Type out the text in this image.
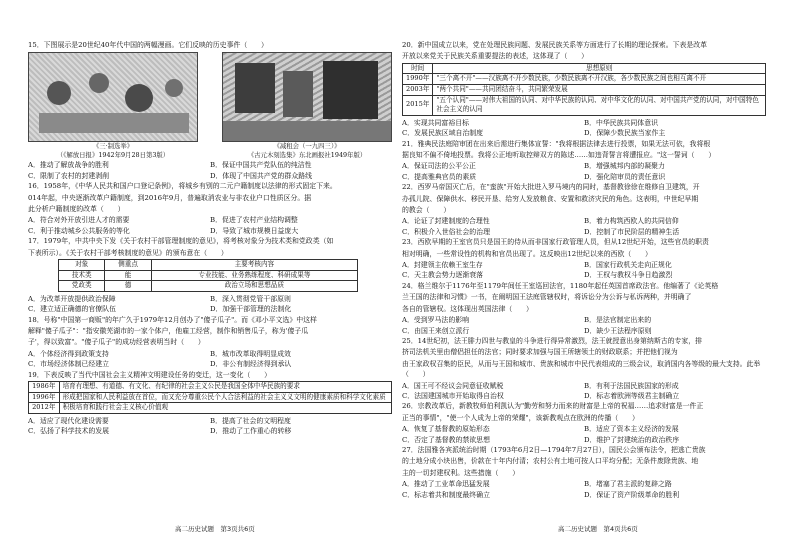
15．下图展示是20世纪40年代中国的两幅漫画。它们反映的历史事件（　　）
《三·制选举》
（《解放日报》1942年9月28日第3版）
《减租会（一九四三）》
《古元木刻选集》东北画报社1949年版）
A．推动了解放战争的胜利	B．保证中国共产党队伍的纯洁性
C．限制了农村的封建剥削	D．体现了中国共产党的群众路线
16．1958年，《中华人民共和国户口登记条例》，将城乡有别的二元户籍制度以法律的形式固定下来。
014年起，中央逐渐改革户籍制度，到2016年9月，普遍取消农业与非农业户口性质区分。据
此分析户籍制度的改革（　　）
A．符合对外开放引进人才的需要	B．促进了农村产业结构调整
C．利于推动城乡公共服务的等化	D．导致了城市规模日益庞大
17．1979年，中共中央下发《关于农村干部管理制度的意见》，将考核对象分为技术类和党政类（如
下表所示）。《关于农村干部考核制度的意见》的颁布意在（　　）
对象	侧重点	主要考核内容
技术类	能	专业技能、业务熟练程度、科研成果等
党政类	德	政治立场和思想品质
A．为改革开放提供政治保障	B．深入贯彻党管干部原则
C．建立适正确德的官僚队伍	D．加强干部管理的法制化
18．号称"中国第一商贩"的年广久于1979年12月创办了"傻子瓜子"。而《邓小平文选》中这样
解释"傻子瓜子"："指安徽芜湖市的一家个体户，他雇工经营，制作和销售瓜子，称为'傻子瓜
子'，得以致富"。"傻子瓜子"的成功经营表明当时（　　）
A．个体经济得到政策支持	B．城市改革取得明显成效
C．市场经济体制已经建立	D．非公有制经济得到承认
19．下表反映了当代中国社会主义精神文明建设任务的变迁，这一变化（　　）
1986年	培育有理想、有道德、有文化、有纪律的社会主义公民是我国全体中华民族的要求
1996年	形成把国家和人民利益放在首位，而又充分尊重公民个人合法利益的社会主义义文明的健康素质和科学文化素质
2012年	积极培育和践行社会主义核心价值观
A．适应了现代化建设需要	B．提高了社会的文明程度
C．弘扬了科学技术的发展	D．推动了工作重心的转移
20．新中国成立以来，党在处理民族问题、发展民族关系等方面进行了长期的理论探索。下表是改革
开放以来党关于民族关系重要提法的表述，这体现了（　　）
时间	思想原则
1990年	"三个离不开"——汉族离不开少数民族，少数民族离不开汉族，各少数民族之间也相互离不开
2003年	"两个共同"——共同团结奋斗，共同繁荣发展
2015年	"五个认同"——对伟大祖国的认同、对中华民族的认同、对中华文化的认同、对中国共产党的认同，对中国特色社会主义的认同
A．实现共同富裕目标	B．中华民族共同体意识
C．发展民族区域自治制度	D．保障少数民族当家作主
21．雅典民法庭陪审团在出来后需进行集体宣誓："我将根据法律去进行投票，如果无法可依，我将根
据良知不偏不倚地投票。我将公正地听取控辩双方的陈述……如违背誓言将遭报应。"这一誓词（　　）
A．保证司法的公平公正	B．增强城邦内部的凝聚力
C．提高雅典官员的素质	D．强化陪审员的责任意识
22．西罗马帝国灭亡后，在"蛮族"开始大批进入罗马境内的同时，基督教徐徐在维修自卫建筑，开
办孤儿院、保障供水、移民开垦、给穷人发放粮食、安置和救济灾民的角色。这表明，中世纪早期
的教会（　　）
A．论证了封建制度的合理性	B．着力构筑西欧人的共同信仰
C．积极介入世俗社会的治理	D．控制了市民阶层的精神生活
23．西欧早期的王室官员只是国王的侍从而非国家行政管理人员，但从12世纪开始，这些官员的职责
相对明确，一些常设性的机构和官员出现了。这反映出12世纪以来的西欧（　　）
A．封建领主依赖王室生存	B．国家行政机关走向正规化
C．天主教会势力逐渐衰落	D．王权与教权斗争日趋激烈
24．格兰维尔于1176年至1179年间任王室巡回法官，1180年起任英国首席政法官。他编著了《论英格
兰王国的法律和习惯》一书，在阐明国王法庭管辖权时，将诉讼分为公诉与私诉两种，并明确了
各自的管辖权。这体现出英国法律（　　）
A．受到罗马法的影响	B．是法官制定出来的
C．由国王来创立派行	D．缺少王法程序原则
25．14世纪初，法王腓力四世与教皇的斗争进行得异常激烈，法王就授意出身第纳斯古的专家，排
挤司法机关里由僧侣担任的法官；同时要求加强与国王所辖领土的财政联系；并把他们视为
由王家政权召集的臣民，从而与王国和城市、贵族和城市中民代表组成的三级会议，取消国内各等级的最大支持。此举（　　）
A．国王可不经议会同意征收赋税	B．有利于法国民族国家的形成
C．法国建国城市开始取得自治权	D．标志着欧洲等级君主制确立
26．宗教改革后，新教牧师伯利凯认为"勤劳和努力而来的财富是上帝的祝福……追求财富是一件正
正当的事情"，"使一个人成为上帝的荣耀"，该新教观点在欧洲的传播（　　）
A．恢复了基督教的原始形态	B．适应了资本主义经济的发展
C．否定了基督教的禁欲思想	D．维护了封建统治的政治秩序
27．法国雅各宾派统治时期（1793年6月2日—1794年7月27日），国民公会颁布法令，把逃亡贵族
的土地分成小块出售，价款在十年内付清；农村公有土地可按人口平均分配；无条件废除贵族、地
主的一切封建权利。这些措施（　　）
A．推动了工业革命迅猛发展	B．堵塞了君主派的复辟之路
C．标志着共和制度最终确立	D．保证了资产阶级革命的胜利
高二历史试题　第3页共6页	高二历史试题　第4页共6页
